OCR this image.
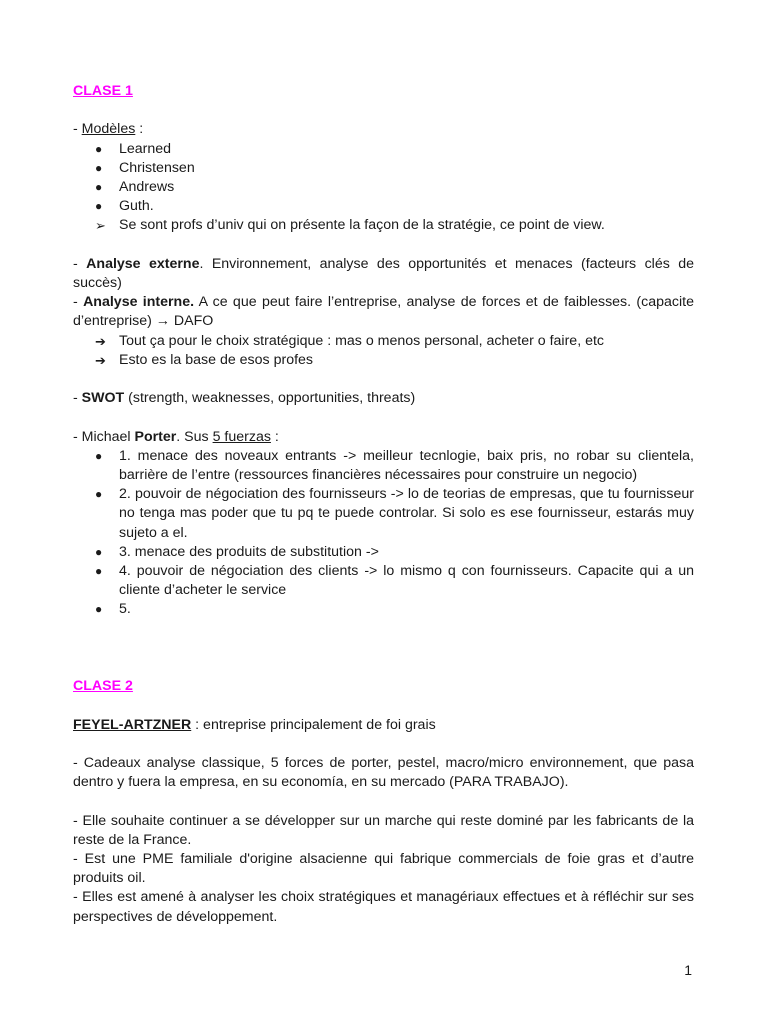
CLASE 1

- Modèles :

●	Learned
●	Christensen
●	Andrews
●	Guth.
➢ Se sont profs d’univ qui on présente la façon de la stratégie, ce point de view.

- Analyse externe. Environnement, analyse des opportunités et menaces (facteurs clés de succès)

- Analyse interne. A ce que peut faire l’entreprise, analyse de forces et de faiblesses. (capacite d’entreprise) → DAFO

➔ Tout ça pour le choix stratégique : mas o menos personal, acheter o faire, etc
➔ Esto es la base de esos profes

- SWOT (strength, weaknesses, opportunities, threats)

- Michael Porter. Sus 5 fuerzas :

●	1. menace des noveaux entrants -> meilleur tecnlogie, baix pris, no robar su clientela, barrière de l’entre (ressources financières nécessaires pour construire un negocio)
●	2. pouvoir de négociation des fournisseurs -> lo de teorias de empresas, que tu fournisseur no tenga mas poder que tu pq te puede controlar. Si solo es ese fournisseur, estarás muy sujeto a el.
●	3. menace des produits de substitution ->
●	4. pouvoir de négociation des clients -> lo mismo q con fournisseurs. Capacite qui a un cliente d’acheter le service
●	5.

CLASE 2

FEYEL-ARTZNER : entreprise principalement de foi grais

- Cadeaux analyse classique, 5 forces de porter, pestel, macro/micro environnement, que pasa dentro y fuera la empresa, en su economía, en su mercado (PARA TRABAJO).

- Elle souhaite continuer a se développer sur un marche qui reste dominé par les fabricants de la reste de la France.

- Est une PME familiale d'origine alsacienne qui fabrique commercials de foie gras et d’autre produits oil.

- Elles est amené à analyser les choix stratégiques et managériaux effectues et à réfléchir sur ses perspectives de développement.

1
